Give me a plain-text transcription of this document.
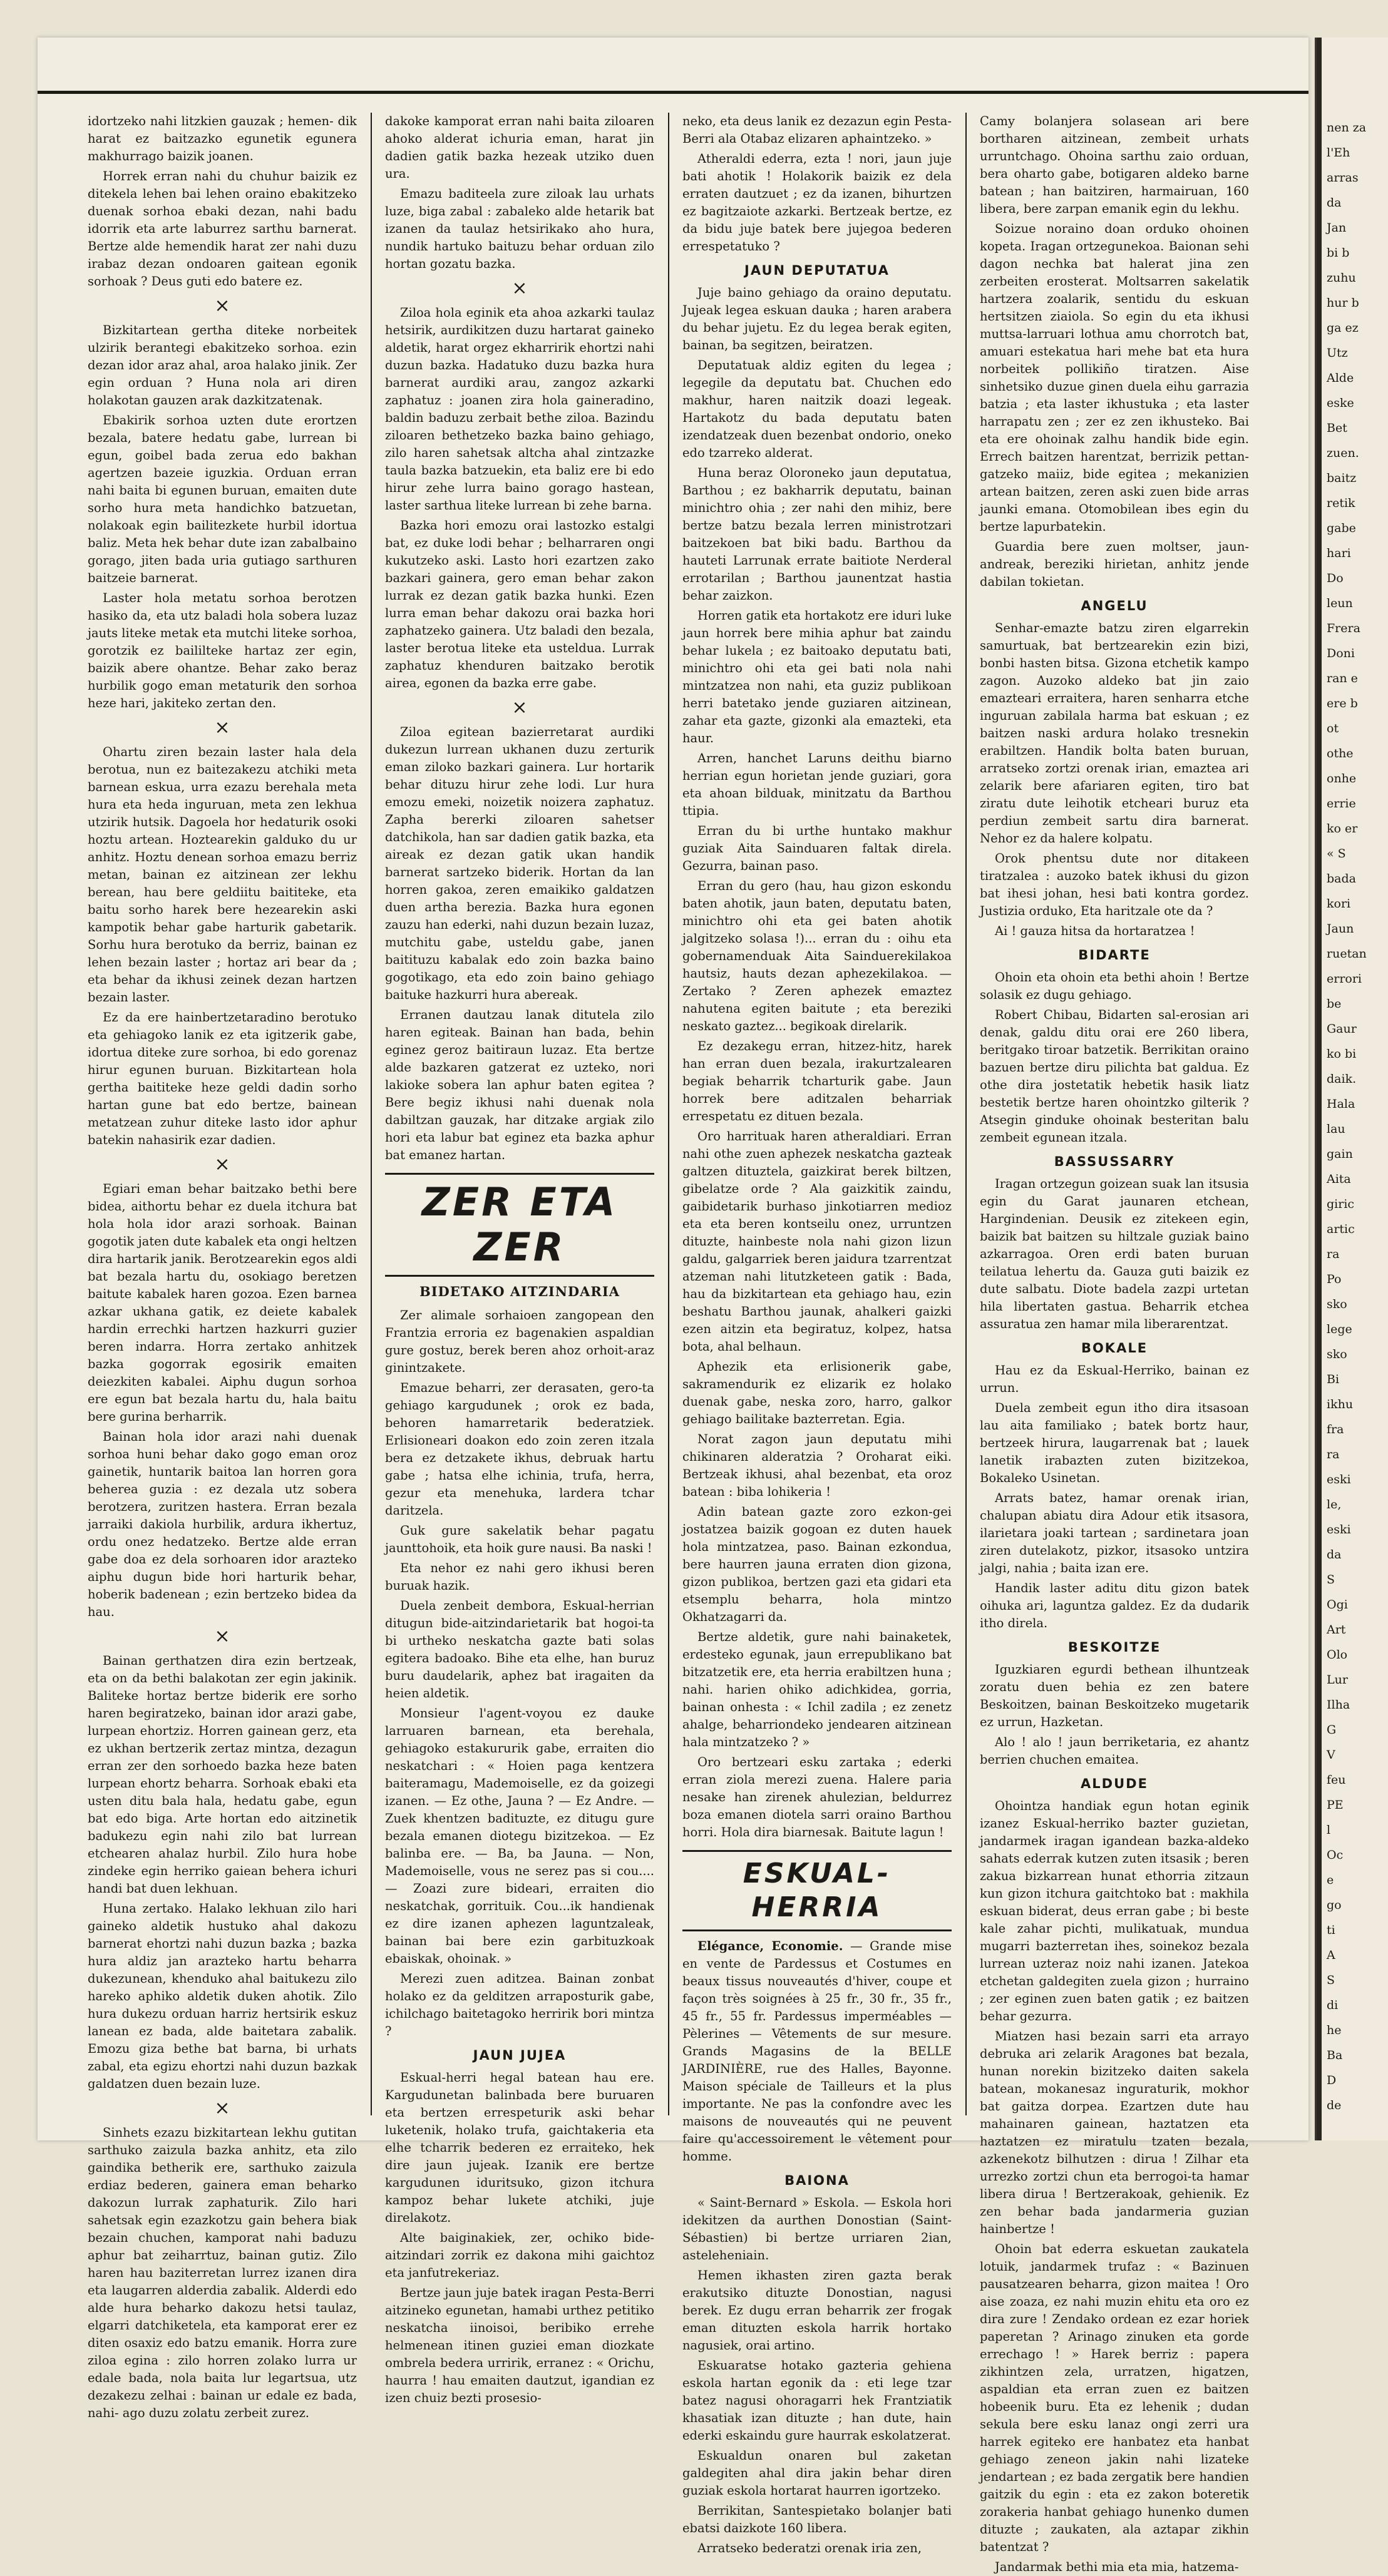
idortzeko nahi litzkien gauzak ; hemen- dik harat ez baitzazko egunetik egunera makhurrago baizik joanen.

Horrek erran nahi du chuhur baizik ez ditekela lehen bai lehen oraino ebakitzeko duenak sorhoa ebaki dezan, nahi badu idorrik eta arte laburrez sarthu barnerat. Bertze alde hemendik harat zer nahi duzu irabaz dezan ondoaren gaitean egonik sorhoak ? Deus guti edo batere ez.

×

Bizkitartean gertha diteke norbeitek ulzirik berantegi ebakitzeko sorhoa. ezin dezan idor araz ahal, aroa halako jinik. Zer egin orduan ? Huna nola ari diren holakotan gauzen arak dazkitzatenak.

Ebakirik sorhoa uzten dute erortzen bezala, batere hedatu gabe, lurrean bi egun, goibel bada zerua edo bakhan agertzen bazeie iguzkia. Orduan erran nahi baita bi egunen buruan, emaiten dute sorho hura meta handichko batzuetan, nolakoak egin bailitezkete hurbil idortua baliz. Meta hek behar dute izan zabalbaino gorago, jiten bada uria gutiago sarthuren baitzeie barnerat.

Laster hola metatu sorhoa berotzen hasiko da, eta utz baladi hola sobera luzaz jauts liteke metak eta mutchi liteke sorhoa, gorotzik ez baililteke hartaz zer egin, baizik abere ohantze. Behar zako beraz hurbilik gogo eman metaturik den sorhoa heze hari, jakiteko zertan den.

×

Ohartu ziren bezain laster hala dela berotua, nun ez baitezakezu atchiki meta barnean eskua, urra ezazu berehala meta hura eta heda inguruan, meta zen lekhua utzirik hutsik. Dagoela hor hedaturik osoki hoztu artean. Hoztearekin galduko du ur anhitz. Hoztu denean sorhoa emazu berriz metan, bainan ez aitzinean zer lekhu berean, hau bere geldiitu baititeke, eta baitu sorho harek bere hezearekin aski kampotik behar gabe harturik gabetarik. Sorhu hura berotuko da berriz, bainan ez lehen bezain laster ; hortaz ari bear da ; eta behar da ikhusi zeinek dezan hartzen bezain laster.

Ez da ere hainbertzetaradino berotuko eta gehiagoko lanik ez eta igitzerik gabe, idortua diteke zure sorhoa, bi edo gorenaz hirur egunen buruan. Bizkitartean hola gertha baititeke heze geldi dadin sorho hartan gune bat edo bertze, bainean metatzean zuhur diteke lasto idor aphur batekin nahasirik ezar dadien.

×

Egiari eman behar baitzako bethi bere bidea, aithortu behar ez duela itchura bat hola hola idor arazi sorhoak. Bainan gogotik jaten dute kabalek eta ongi heltzen dira hartarik janik. Berotzearekin egos aldi bat bezala hartu du, osokiago beretzen baitute kabalek haren gozoa. Ezen barnea azkar ukhana gatik, ez deiete kabalek hardin errechki hartzen hazkurri guzier beren indarra. Horra zertako anhitzek bazka gogorrak egosirik emaiten deiezkiten kabalei. Aiphu dugun sorhoa ere egun bat bezala hartu du, hala baitu bere gurina berharrik.

Bainan hola idor arazi nahi duenak sorhoa huni behar dako gogo eman oroz gainetik, huntarik baitoa lan horren gora beherea guzia : ez dezala utz sobera berotzera, zuritzen hastera. Erran bezala jarraiki dakiola hurbilik, ardura ikhertuz, ordu onez hedatzeko. Bertze alde erran gabe doa ez dela sorhoaren idor arazteko aiphu dugun bide hori harturik behar, hoberik badenean ; ezin bertzeko bidea da hau.

×

Bainan gerthatzen dira ezin bertzeak, eta on da bethi balakotan zer egin jakinik. Baliteke hortaz bertze biderik ere sorho haren begiratzeko, bainan idor arazi gabe, lurpean ehortziz. Horren gainean gerz, eta ez ukhan bertzerik zertaz mintza, dezagun erran zer den sorhoedo bazka heze baten lurpean ehortz beharra. Sorhoak ebaki eta usten ditu bala hala, hedatu gabe, egun bat edo biga. Arte hortan edo aitzinetik badukezu egin nahi zilo bat lurrean etchearen ahalaz hurbil. Zilo hura hobe zindeke egin herriko gaiean behera ichuri handi bat duen lekhuan.

Huna zertako. Halako lekhuan zilo hari gaineko aldetik hustuko ahal dakozu barnerat ehortzi nahi duzun bazka ; bazka hura aldiz jan arazteko hartu beharra dukezunean, khenduko ahal baitukezu zilo hareko aphiko aldetik duken ahotik. Zilo hura dukezu orduan harriz hertsirik eskuz lanean ez bada, alde baitetara zabalik. Emozu giza bethe bat barna, bi urhats zabal, eta egizu ehortzi nahi duzun bazkak galdatzen duen bezain luze.

×

Sinhets ezazu bizkitartean lekhu gutitan sarthuko zaizula bazka anhitz, eta zilo gaindika betherik ere, sarthuko zaizula erdiaz bederen, gainera eman beharko dakozun lurrak zaphaturik. Zilo hari sahetsak egin ezazkotzu gain behera biak bezain chuchen, kamporat nahi baduzu aphur bat zeiharrtuz, bainan gutiz. Zilo haren hau baziterretan lurrez izanen dira eta laugarren alderdia zabalik. Alderdi edo alde hura beharko dakozu hetsi taulaz, elgarri datchiketela, eta kamporat erer ez diten osaxiz edo batzu emanik. Horra zure ziloa egina : zilo horren zolako lurra ur edale bada, nola baita lur legartsua, utz dezakezu zelhai : bainan ur edale ez bada, nahi- ago duzu zolatu zerbeit zurez.

dakoke kamporat erran nahi baita ziloaren ahoko alderat ichuria eman, harat jin dadien gatik bazka hezeak utziko duen ura.

Emazu baditeela zure ziloak lau urhats luze, biga zabal : zabaleko alde hetarik bat izanen da taulaz hetsirikako aho hura, nundik hartuko baituzu behar orduan zilo hortan gozatu bazka.

×

Ziloa hola eginik eta ahoa azkarki taulaz hetsirik, aurdikitzen duzu hartarat gaineko aldetik, harat orgez ekharririk ehortzi nahi duzun bazka. Hadatuko duzu bazka hura barnerat aurdiki arau, zangoz azkarki zaphatuz : joanen zira hola gaineradino, baldin baduzu zerbait bethe ziloa. Bazindu ziloaren bethetzeko bazka baino gehiago, zilo haren sahetsak altcha ahal zintzazke taula bazka batzuekin, eta baliz ere bi edo hirur zehe lurra baino gorago hastean, laster sarthua liteke lurrean bi zehe barna.

Bazka hori emozu orai lastozko estalgi bat, ez duke lodi behar ; belharraren ongi kukutzeko aski. Lasto hori ezartzen zako bazkari gainera, gero eman behar zakon lurrak ez dezan gatik bazka hunki. Ezen lurra eman behar dakozu orai bazka hori zaphatzeko gainera. Utz baladi den bezala, laster berotua liteke eta usteldua. Lurrak zaphatuz khenduren baitzako berotik airea, egonen da bazka erre gabe.

×

Ziloa egitean bazierretarat aurdiki dukezun lurrean ukhanen duzu zerturik eman ziloko bazkari gainera. Lur hortarik behar dituzu hirur zehe lodi. Lur hura emozu emeki, noizetik noizera zaphatuz. Zapha bererki ziloaren sahetser datchikola, han sar dadien gatik bazka, eta aireak ez dezan gatik ukan handik barnerat sartzeko biderik. Hortan da lan horren gakoa, zeren emaikiko galdatzen duen artha berezia. Bazka hura egonen zauzu han ederki, nahi duzun bezain luzaz, mutchitu gabe, usteldu gabe, janen baitituzu kabalak edo zoin bazka baino gogotikago, eta edo zoin baino gehiago baituke hazkurri hura abereak.

Erranen dautzau lanak ditutela zilo haren egiteak. Bainan han bada, behin eginez geroz baitiraun luzaz. Eta bertze alde bazkaren gatzerat ez uzteko, nori lakioke sobera lan aphur baten egitea ? Bere begiz ikhusi nahi duenak nola dabiltzan gauzak, har ditzake argiak zilo hori eta labur bat eginez eta bazka aphur bat emanez hartan.

ZER ETA ZER
BIDETAKO AITZINDARIA

Zer alimale sorhaioen zangopean den Frantzia erroria ez bagenakien aspaldian gure gostuz, berek beren ahoz orhoit-araz ginintzakete.

Emazue beharri, zer derasaten, gero-ta gehiago kargudunek ; orok ez bada, behoren hamarretarik bederatziek. Erlisioneari doakon edo zoin zeren itzala bera ez detzakete ikhus, debruak hartu gabe ; hatsa elhe ichinia, trufa, herra, gezur eta menehuka, lardera tchar daritzela.

Guk gure sakelatik behar pagatu jaunttohoik, eta hoik gure nausi. Ba naski !

Eta nehor ez nahi gero ikhusi beren buruak hazik.

Duela zenbeit dembora, Eskual-herrian ditugun bide-aitzindarietarik bat hogoi-ta bi urtheko neskatcha gazte bati solas egitera badoako. Bihe eta elhe, han buruz buru daudelarik, aphez bat iragaiten da heien aldetik.

Monsieur l'agent-voyou ez dauke larruaren barnean, eta berehala, gehiagoko estakururik gabe, erraiten dio neskatchari : « Hoien paga kentzera baiteramagu, Mademoiselle, ez da goizegi izanen. — Ez othe, Jauna ? — Ez Andre. — Zuek khentzen badituzte, ez ditugu gure bezala emanen diotegu bizitzekoa. — Ez balinba ere. — Ba, ba Jauna. — Non, Mademoiselle, vous ne serez pas si cou.... — Zoazi zure bideari, erraiten dio neskatchak, gorrituik. Cou...ik handienak ez dire izanen aphezen laguntzaleak, bainan bai bere ezin garbituzkoak ebaiskak, ohoinak. »

Merezi zuen aditzea. Bainan zonbat holako ez da gelditzen arraposturik gabe, ichilchago baitetagoko herririk bori mintza ?

JAUN JUJEA

Eskual-herri hegal batean hau ere. Kargudunetan balinbada bere buruaren eta bertzen errespeturik aski behar luketenik, holako trufa, gaichtakeria eta elhe tcharrik bederen ez erraiteko, hek dire jaun jujeak. Izanik ere bertze kargudunen iduritsuko, gizon itchura kampoz behar lukete atchiki, juje direlakotz.

Alte baiginakiek, zer, ochiko bide-aitzindari zorrik ez dakona mihi gaichtoz eta janfutrekeriaz.

Bertze jaun juje batek iragan Pesta-Berri aitzineko egunetan, hamabi urthez petitiko neskatcha iinoisoi, beribiko errehe helmenean itinen guziei eman diozkate ombrela bedera urririk, erranez : « Orichu, haurra ! hau emaiten dautzut, igandian ez izen chuiz bezti prosesio-

neko, eta deus lanik ez dezazun egin Pesta-Berri ala Otabaz elizaren aphaintzeko. »

Atheraldi ederra, ezta ! nori, jaun juje bati ahotik ! Holakorik baizik ez dela erraten dautzuet ; ez da izanen, bihurtzen ez bagitzaiote azkarki. Bertzeak bertze, ez da bidu juje batek bere jujegoa bederen errespetatuko ?

JAUN DEPUTATUA

Juje baino gehiago da oraino deputatu. Jujeak legea eskuan dauka ; haren arabera du behar jujetu. Ez du legea berak egiten, bainan, ba segitzen, beiratzen.

Deputatuak aldiz egiten du legea ; legegile da deputatu bat. Chuchen edo makhur, haren naitzik doazi legeak. Hartakotz du bada deputatu baten izendatzeak duen bezenbat ondorio, oneko edo tzarreko alderat.

Huna beraz Oloroneko jaun deputatua, Barthou ; ez bakharrik deputatu, bainan minichtro ohia ; zer nahi den mihiz, bere bertze batzu bezala lerren ministrotzari baitzekoen bat biki badu. Barthou da hauteti Larrunak errate baitiote Nerderal errotarilan ; Barthou jaunentzat hastia behar zaizkon.

Horren gatik eta hortakotz ere iduri luke jaun horrek bere mihia aphur bat zaindu behar lukela ; ez baitoako deputatu bati, minichtro ohi eta gei bati nola nahi mintzatzea non nahi, eta guziz publikoan herri batetako jende guziaren aitzinean, zahar eta gazte, gizonki ala emazteki, eta haur.

Arren, hanchet Laruns deithu biarno herrian egun horietan jende guziari, gora eta ahoan bilduak, minitzatu da Barthou ttipia.

Erran du bi urthe huntako makhur guziak Aita Sainduaren faltak direla. Gezurra, bainan paso.

Erran du gero (hau, hau gizon eskondu baten ahotik, jaun baten, deputatu baten, minichtro ohi eta gei baten ahotik jalgitzeko solasa !)... erran du : oihu eta gobernamenduak Aita Sainduerekilakoa hautsiz, hauts dezan aphezekilakoa. — Zertako ? Zeren aphezek emaztez nahutena egiten baitute ; eta bereziki neskato gaztez... begikoak direlarik.

Ez dezakegu erran, hitzez-hitz, harek han erran duen bezala, irakurtzalearen begiak beharrik tcharturik gabe. Jaun horrek bere aditzalen beharriak errespetatu ez dituen bezala.

Oro harrituak haren atheraldiari. Erran nahi othe zuen aphezek neskatcha gazteak galtzen dituztela, gaizkirat berek biltzen, gibelatze orde ? Ala gaizkitik zaindu, gaibidetarik burhaso jinkotiarren medioz eta eta beren kontseilu onez, urruntzen dituzte, hainbeste nola nahi gizon lizun galdu, galgarriek beren jaidura tzarrentzat atzeman nahi litutzketeen gatik : Bada, hau da bizkitartean eta gehiago hau, ezin beshatu Barthou jaunak, ahalkeri gaizki ezen aitzin eta begiratuz, kolpez, hatsa bota, ahal belhaun.

Aphezik eta erlisionerik gabe, sakramendurik ez elizarik ez holako duenak gabe, neska zoro, harro, galkor gehiago bailitake bazterretan. Egia.

Norat zagon jaun deputatu mihi chikinaren alderatzia ? Oroharat eiki. Bertzeak ikhusi, ahal bezenbat, eta oroz batean : biba lohikeria !

Adin batean gazte zoro ezkon-gei jostatzea baizik gogoan ez duten hauek hola mintzatzea, paso. Bainan ezkondua, bere haurren jauna erraten dion gizona, gizon publikoa, bertzen gazi eta gidari eta etsemplu beharra, hola mintzo Okhatzagarri da.

Bertze aldetik, gure nahi bainaketek, erdesteko egunak, jaun errepublikano bat bitzatzetik ere, eta herria erabiltzen huna ; nahi. harien ohiko adichkidea, gorria, bainan onhesta : « Ichil zadila ; ez zenetz ahalge, beharriondeko jendearen aitzinean hala mintzatzeko ? »

Oro bertzeari esku zartaka ; ederki erran ziola merezi zuena. Halere paria nesake han zirenek ahulezian, beldurrez boza emanen diotela sarri oraino Barthou horri. Hola dira biarnesak. Baitute lagun !

ESKUAL-HERRIA

Elégance, Economie. — Grande mise en vente de Pardessus et Costumes en beaux tissus nouveautés d'hiver, coupe et façon très soignées à 25 fr., 30 fr., 35 fr., 45 fr., 55 fr. Pardessus imperméables — Pèlerines — Vêtements de sur mesure. Grands Magasins de la BELLE JARDINIÈRE, rue des Halles, Bayonne. Maison spéciale de Tailleurs et la plus importante. Ne pas la confondre avec les maisons de nouveautés qui ne peuvent faire qu'accessoirement le vêtement pour homme.

BAIONA

« Saint-Bernard » Eskola. — Eskola hori idekitzen da aurthen Donostian (Saint-Sébastien) bi bertze urriaren 2ian, asteleheniain.

Hemen ikhasten ziren gazta berak erakutsiko dituzte Donostian, nagusi berek. Ez dugu erran beharrik zer frogak eman dituzten eskola harrik hortako nagusiek, orai artino.

Eskuaratse hotako gazteria gehiena eskola hartan egonik da : eti lege tzar batez nagusi ohoragarri hek Frantziatik khasatiak izan dituzte ; han dute, hain ederki eskaindu gure haurrak eskolatzerat.

Eskualdun onaren bul zaketan galdegiten ahal dira jakin behar diren guziak eskola hortarat haurren igortzeko.

Berrikitan, Santespietako bolanjer bati ebatsi daizkote 160 libera.

Arratseko bederatzi orenak iria zen,

Camy bolanjera solasean ari bere bortharen aitzinean, zembeit urhats urruntchago. Ohoina sarthu zaio orduan, bera oharto gabe, botigaren aldeko barne batean ; han baitziren, harmairuan, 160 libera, bere zarpan emanik egin du lekhu.

Soizue noraino doan orduko ohoinen kopeta. Iragan ortzegunekoa. Baionan sehi dagon nechka bat halerat jina zen zerbeiten erosterat. Moltsarren sakelatik hartzera zoalarik, sentidu du eskuan hertsitzen ziaiola. So egin du eta ikhusi muttsa-larruari lothua amu chorrotch bat, amuari estekatua hari mehe bat eta hura norbeitek pollikiño tiratzen. Aise sinhetsiko duzue ginen duela eihu garrazia batzia ; eta laster ikhustuka ; eta laster harrapatu zen ; zer ez zen ikhusteko. Bai eta ere ohoinak zalhu handik bide egin. Errech baitzen harentzat, berrizik pettan-gatzeko maiiz, bide egitea ; mekanizien artean baitzen, zeren aski zuen bide arras jaunki emana. Otomobilean ibes egin du bertze lapurbatekin.

Guardia bere zuen moltser, jaun-andreak, bereziki hirietan, anhitz jende dabilan tokietan.

ANGELU

Senhar-emazte batzu ziren elgarrekin samurtuak, bat bertzearekin ezin bizi, bonbi hasten bitsa. Gizona etchetik kampo zagon. Auzoko aldeko bat jin zaio emazteari erraitera, haren senharra etche inguruan zabilala harma bat eskuan ; ez baitzen naski ardura holako tresnekin erabiltzen. Handik bolta baten buruan, arratseko zortzi orenak irian, emaztea ari zelarik bere afariaren egiten, tiro bat ziratu dute leihotik etcheari buruz eta perdiun zembeit sartu dira barnerat. Nehor ez da halere kolpatu.

Orok phentsu dute nor ditakeen tiratzalea : auzoko batek ikhusi du gizon bat ihesi johan, hesi bati kontra gordez. Justizia orduko, Eta haritzale ote da ?

Ai ! gauza hitsa da hortaratzea !

BIDARTE

Ohoin eta ohoin eta bethi ahoin ! Bertze solasik ez dugu gehiago.

Robert Chibau, Bidarten sal-erosian ari denak, galdu ditu orai ere 260 libera, beritgako tiroar batzetik. Berrikitan oraino bazuen bertze diru pilichta bat galdua. Ez othe dira jostetatik hebetik hasik liatz bestetik bertze haren ohointzko gilterik ? Atsegin ginduke ohoinak besteritan balu zembeit egunean itzala.

BASSUSSARRY

Iragan ortzegun goizean suak lan itsusia egin du Garat jaunaren etchean, Hargindenian. Deusik ez zitekeen egin, baizik bat baitzen su hiltzale guziak baino azkarragoa. Oren erdi baten buruan teilatua lehertu da. Gauza guti baizik ez dute salbatu. Diote badela zazpi urtetan hila libertaten gastua. Beharrik etchea assuratua zen hamar mila liberarentzat.

BOKALE

Hau ez da Eskual-Herriko, bainan ez urrun.

Duela zembeit egun itho dira itsasoan lau aita familiako ; batek bortz haur, bertzeek hirura, laugarrenak bat ; lauek lanetik irabazten zuten bizitzekoa, Bokaleko Usinetan.

Arrats batez, hamar orenak irian, chalupan abiatu dira Adour etik itsasora, ilarietara joaki tartean ; sardinetara joan ziren dutelakotz, pizkor, itsasoko untzira jalgi, nahia ; baita izan ere.

Handik laster aditu ditu gizon batek oihuka ari, laguntza galdez. Ez da dudarik itho direla.

BESKOITZE

Iguzkiaren egurdi bethean ilhuntzeak zoratu duen behia ez zen batere Beskoitzen, bainan Beskoitzeko mugetarik ez urrun, Hazketan.

Alo ! alo ! jaun berriketaria, ez ahantz berrien chuchen emaitea.

ALDUDE

Ohointza handiak egun hotan eginik izanez Eskual-herriko bazter guzietan, jandarmek iragan igandean bazka-aldeko sahats ederrak kutzen zuten itsasik ; beren zakua bizkarrean hunat ethorria zitzaun kun gizon itchura gaitchtoko bat : makhila eskuan biderat, deus erran gabe ; bi beste kale zahar pichti, mulikatuak, mundua mugarri bazterretan ihes, soinekoz bezala lurrean uzteraz noiz nahi izanen. Jatekoa etchetan galdegiten zuela gizon ; hurraino ; zer eginen zuen baten gatik ; ez baitzen behar gezurra.

Miatzen hasi bezain sarri eta arrayo debruka ari zelarik Aragones bat bezala, hunan norekin bizitzeko daiten sakela batean, mokanesaz inguraturik, mokhor bat gaitza dorpea. Ezartzen dute hau mahainaren gainean, haztatzen eta haztatzen ez miratulu tzaten bezala, azkenekotz bilhutzen : dirua ! Zilhar eta urrezko zortzi chun eta berrogoi-ta hamar libera dirua ! Bertzerakoak, gehienik. Ez zen behar bada jandarmeria guzian hainbertze !

Ohoin bat ederra eskuetan zaukatela lotuik, jandarmek trufaz : « Bazinuen pausatzearen beharra, gizon maitea ! Oro aise zoaza, ez nahi muzin ehitu eta oro ez dira zure ! Zendako ordean ez ezar horiek paperetan ? Arinago zinuken eta gorde errechago ! » Harek berriz : papera zikhintzen zela, urratzen, higatzen, aspaldian eta erran zuen ez baitzen hobeenik buru. Eta ez lehenik ; dudan sekula bere esku lanaz ongi zerri ura harrek egiteko ere hanbatez eta hanbat gehiago zeneon jakin nahi lizateke jendartean ; ez bada zergatik bere handien gaitzik du egin : eta ez zakon boteretik zorakeria hanbat gehiago hunenko dumen dituzte ; zaukaten, ala aztapar zikhin batentzat ?

Jandarmak bethi mia eta mia, hatzema-

nen za
l'Eh
arras
da
Jan
bi b
zuhu
hur b
ga ez
Utz
Alde
eske
Bet
zuen.
baitz
retik
gabe
hari
Do
leun
Frera
Doni
ran e
ere b
ot
othe
onhe
errie
ko er
« S
bada
kori
Jaun
ruetan
errori
be
Gaur
ko bi
daik.
Hala
lau
gain
Aita
giric
artic
ra
Po
sko
lege
sko
Bi
ikhu
fra
ra
eski
le,
eski
da
S
Ogi
Art
Olo
Lur
Ilha
G
V
feu
PE
l
Oc
e
go
ti
A
S
di
he
Ba
D
de
